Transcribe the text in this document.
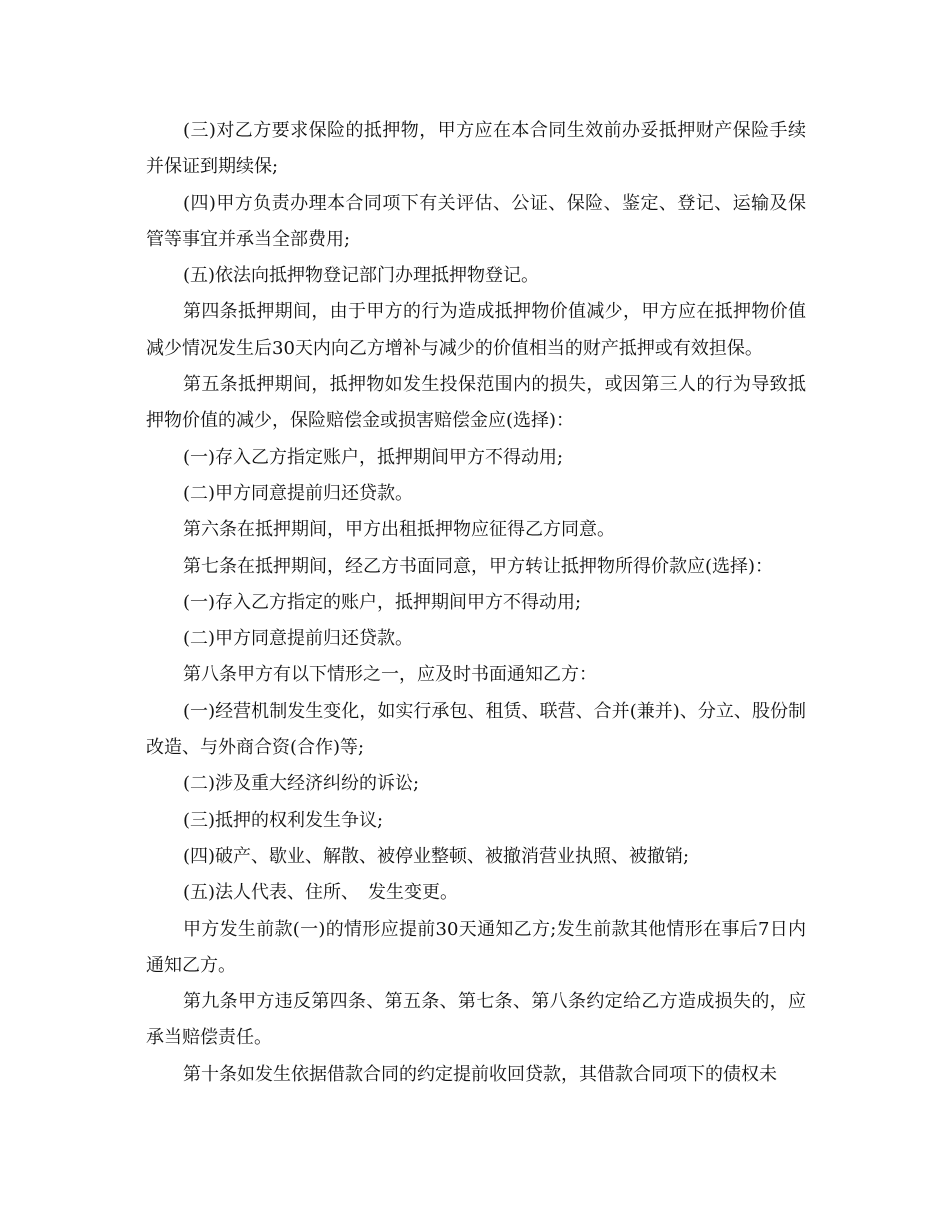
(三)对乙方要求保险的抵押物，甲方应在本合同生效前办妥抵押财产保险手续并保证到期续保;

(四)甲方负责办理本合同项下有关评估、公证、保险、鉴定、登记、运输及保管等事宜并承当全部费用;

(五)依法向抵押物登记部门办理抵押物登记。

第四条抵押期间，由于甲方的行为造成抵押物价值减少，甲方应在抵押物价值减少情况发生后30天内向乙方增补与减少的价值相当的财产抵押或有效担保。

第五条抵押期间，抵押物如发生投保范围内的损失，或因第三人的行为导致抵押物价值的减少，保险赔偿金或损害赔偿金应(选择)：

(一)存入乙方指定账户，抵押期间甲方不得动用;

(二)甲方同意提前归还贷款。

第六条在抵押期间，甲方出租抵押物应征得乙方同意。

第七条在抵押期间，经乙方书面同意，甲方转让抵押物所得价款应(选择)：

(一)存入乙方指定的账户，抵押期间甲方不得动用;

(二)甲方同意提前归还贷款。

第八条甲方有以下情形之一，应及时书面通知乙方：

(一)经营机制发生变化，如实行承包、租赁、联营、合并(兼并)、分立、股份制改造、与外商合资(合作)等;

(二)涉及重大经济纠纷的诉讼;

(三)抵押的权利发生争议;

(四)破产、歇业、解散、被停业整顿、被撤消营业执照、被撤销;

(五)法人代表、住所、　发生变更。

甲方发生前款(一)的情形应提前30天通知乙方;发生前款其他情形在事后7日内通知乙方。

第九条甲方违反第四条、第五条、第七条、第八条约定给乙方造成损失的，应承当赔偿责任。

第十条如发生依据借款合同的约定提前收回贷款，其借款合同项下的债权未
